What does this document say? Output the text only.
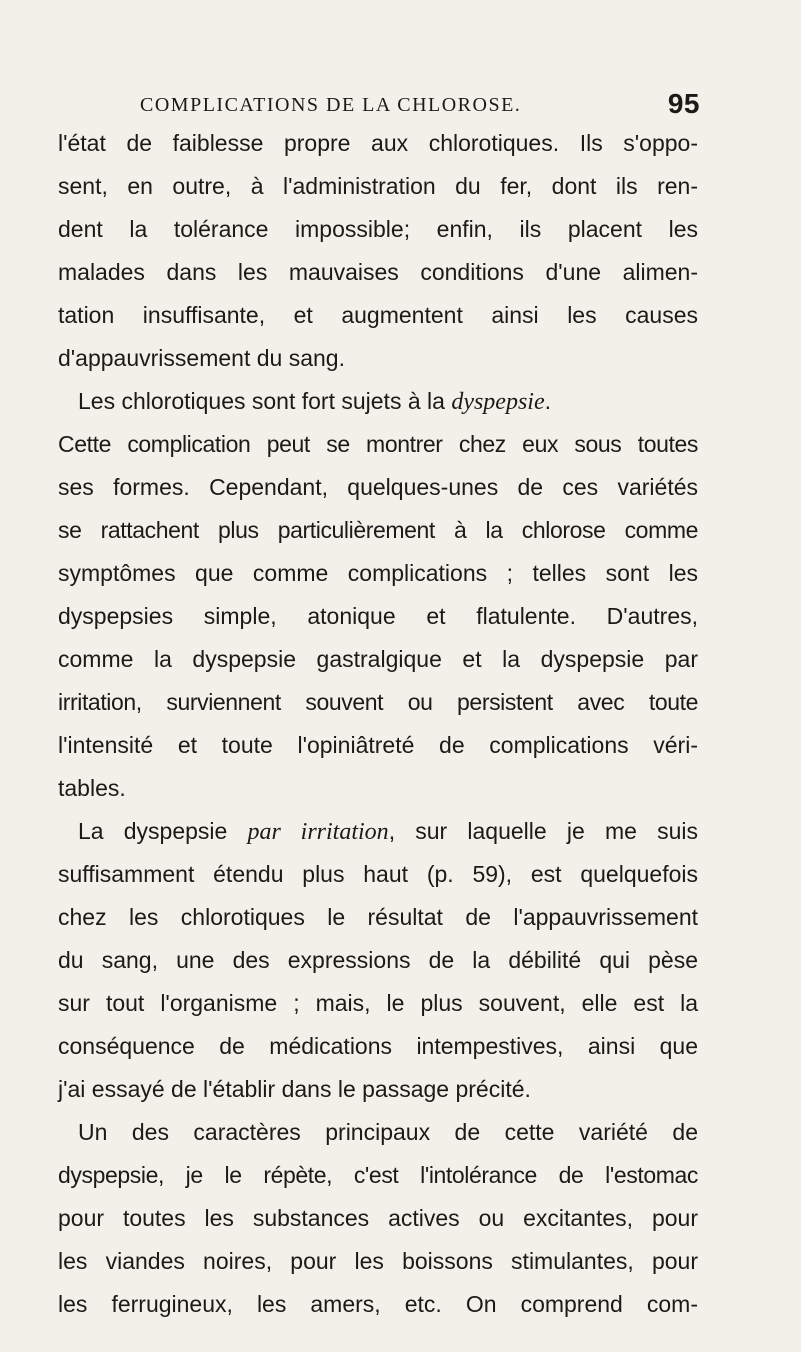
COMPLICATIONS DE LA CHLOROSE.	95
l'état de faiblesse propre aux chlorotiques. Ils s'oppo-
sent, en outre, à l'administration du fer, dont ils ren-
dent la tolérance impossible; enfin, ils placent les
malades dans les mauvaises conditions d'une alimen-
tation insuffisante, et augmentent ainsi les causes
d'appauvrissement du sang.
Les chlorotiques sont fort sujets à la dyspepsie.
Cette complication peut se montrer chez eux sous toutes
ses formes. Cependant, quelques-unes de ces variétés
se rattachent plus particulièrement à la chlorose comme
symptômes que comme complications ; telles sont les
dyspepsies simple, atonique et flatulente. D'autres,
comme la dyspepsie gastralgique et la dyspepsie par
irritation, surviennent souvent ou persistent avec toute
l'intensité et toute l'opiniâtreté de complications véri-
tables.
La dyspepsie par irritation, sur laquelle je me suis
suffisamment étendu plus haut (p. 59), est quelquefois
chez les chlorotiques le résultat de l'appauvrissement
du sang, une des expressions de la débilité qui pèse
sur tout l'organisme ; mais, le plus souvent, elle est la
conséquence de médications intempestives, ainsi que
j'ai essayé de l'établir dans le passage précité.
Un des caractères principaux de cette variété de
dyspepsie, je le répète, c'est l'intolérance de l'estomac
pour toutes les substances actives ou excitantes, pour
les viandes noires, pour les boissons stimulantes, pour
les ferrugineux, les amers, etc. On comprend com-
